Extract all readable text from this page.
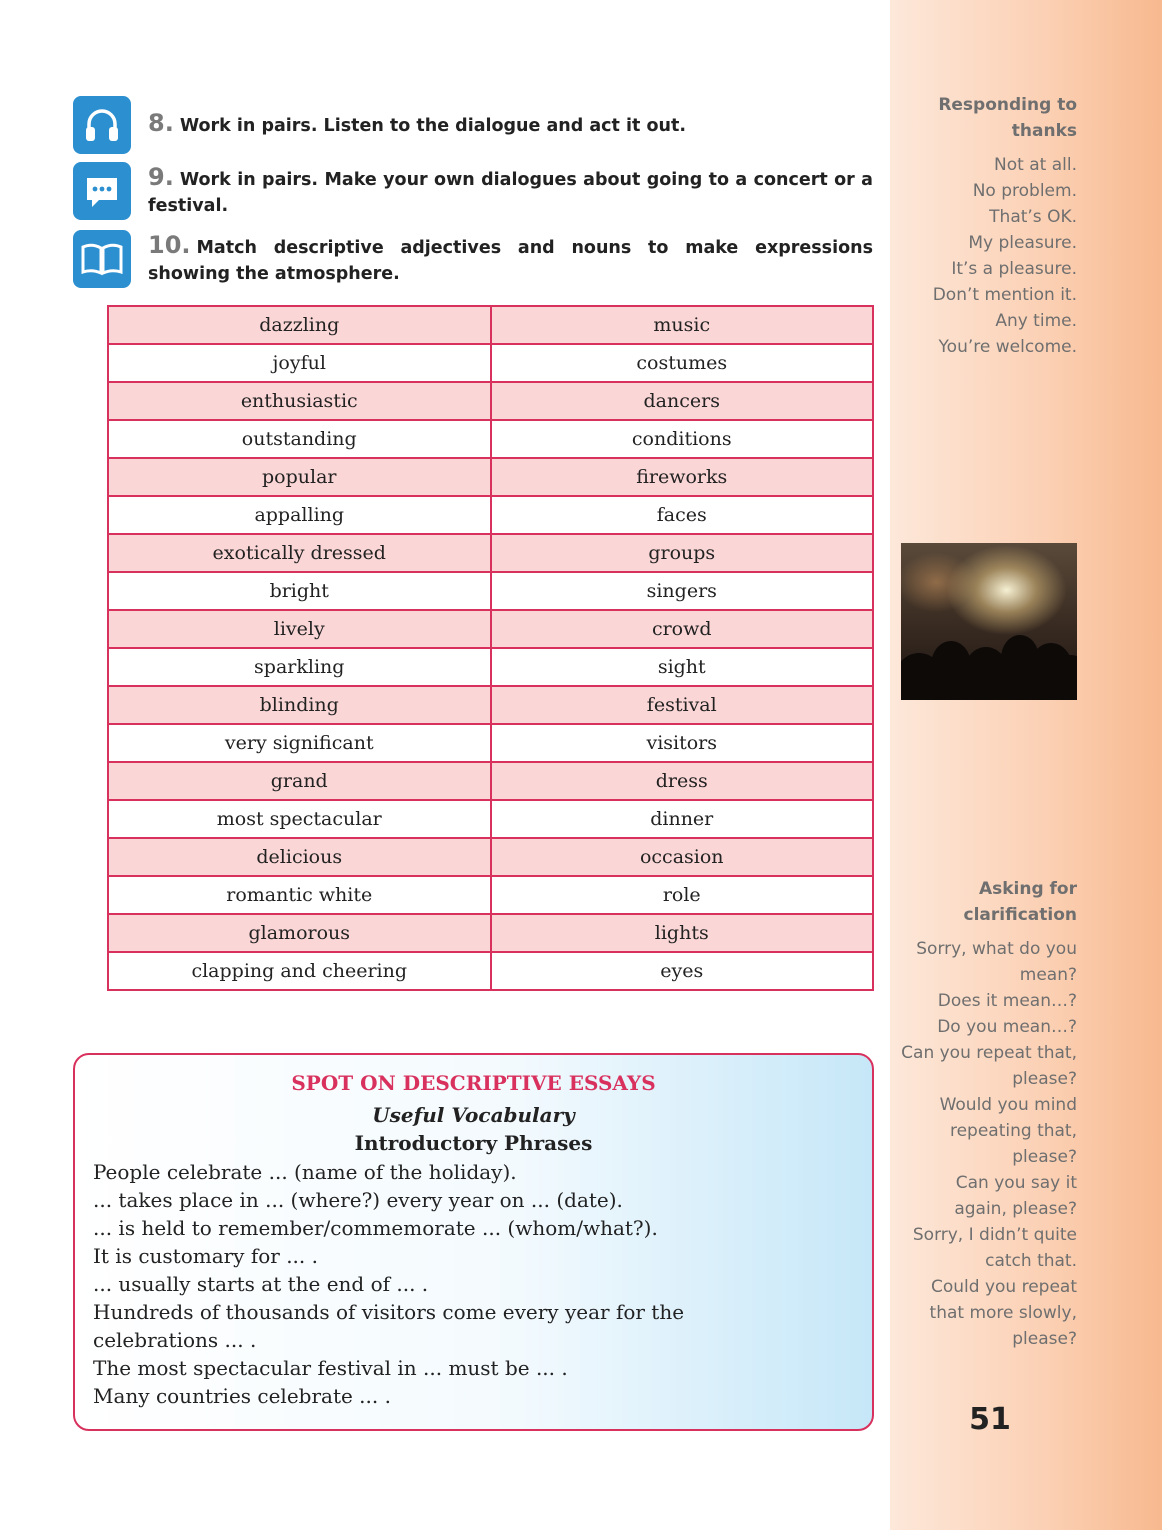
Responding to
thanks
Not at all.
No problem.
That’s OK.
My pleasure.
It’s a pleasure.
Don’t mention it.
Any time.
You’re welcome.
Asking for
clarification
Sorry, what do you
mean?
Does it mean…?
Do you mean…?
Can you repeat that,
please?
Would you mind
repeating that,
please?
Can you say it
again, please?
Sorry, I didn’t quite
catch that.
Could you repeat
that more slowly,
please?
51
8. Work in pairs. Listen to the dialogue and act it out.
9. Work in pairs. Make your own dialogues about going to a concert or a festival.
10. Match descriptive adjectives and nouns to make expressions showing the atmosphere.
dazzling	music
joyful	costumes
enthusiastic	dancers
outstanding	conditions
popular	fireworks
appalling	faces
exotically dressed	groups
bright	singers
lively	crowd
sparkling	sight
blinding	festival
very significant	visitors
grand	dress
most spectacular	dinner
delicious	occasion
romantic white	role
glamorous	lights
clapping and cheering	eyes
SPOT ON DESCRIPTIVE ESSAYS
Useful Vocabulary
Introductory Phrases
People celebrate ... (name of the holiday).
... takes place in ... (where?) every year on ... (date).
... is held to remember/commemorate ... (whom/what?).
It is customary for ... .
... usually starts at the end of ... .
Hundreds of thousands of visitors come every year for the
celebrations ... .
The most spectacular festival in ... must be ... .
Many countries celebrate ... .
